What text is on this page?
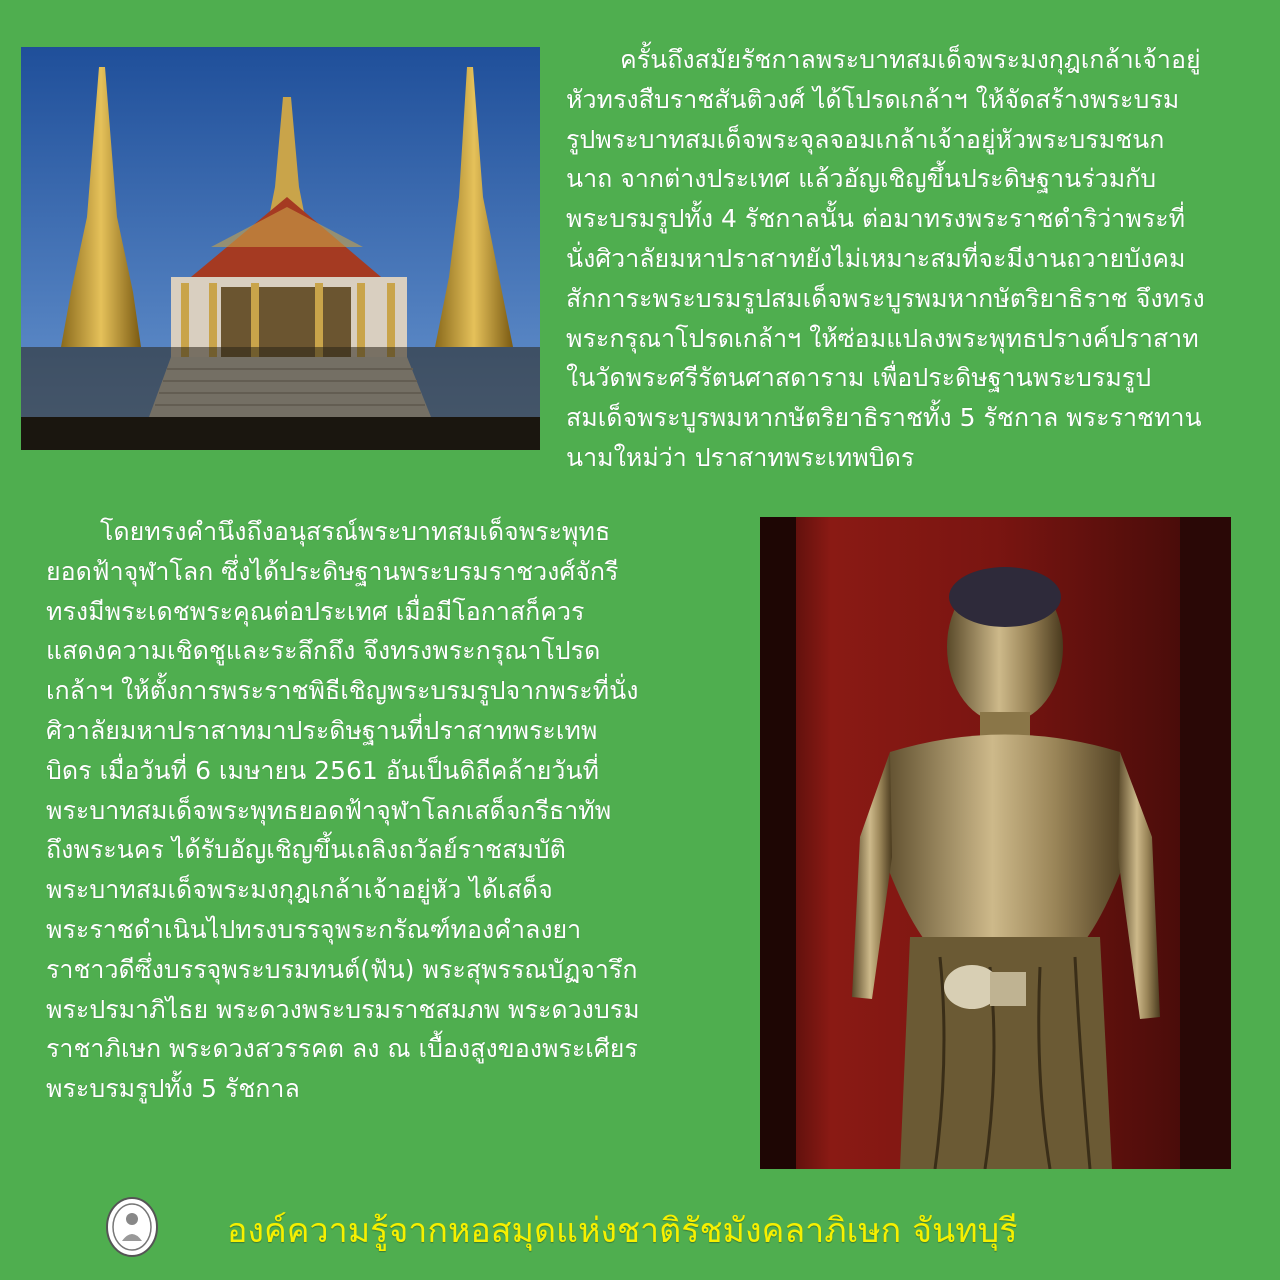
ครั้นถึงสมัยรัชกาลพระบาทสมเด็จพระมงกุฎเกล้าเจ้าอยู่
หัวทรงสืบราชสันติวงศ์ ได้โปรดเกล้าฯ ให้จัดสร้างพระบรม
รูปพระบาทสมเด็จพระจุลจอมเกล้าเจ้าอยู่หัวพระบรมชนก
นาถ จากต่างประเทศ แล้วอัญเชิญขึ้นประดิษฐานร่วมกับ
พระบรมรูปทั้ง 4 รัชกาลนั้น ต่อมาทรงพระราชดำริว่าพระที่
นั่งศิวาลัยมหาปราสาทยังไม่เหมาะสมที่จะมีงานถวายบังคม
สักการะพระบรมรูปสมเด็จพระบูรพมหากษัตริยาธิราช จึงทรง
พระกรุณาโปรดเกล้าฯ ให้ซ่อมแปลงพระพุทธปรางค์ปราสาท
ในวัดพระศรีรัตนศาสดาราม เพื่อประดิษฐานพระบรมรูป
สมเด็จพระบูรพมหากษัตริยาธิราชทั้ง 5 รัชกาล พระราชทาน
นามใหม่ว่า ปราสาทพระเทพบิดร
โดยทรงคำนึงถึงอนุสรณ์พระบาทสมเด็จพระพุทธ
ยอดฟ้าจุฬาโลก ซึ่งได้ประดิษฐานพระบรมราชวงศ์จักรี
ทรงมีพระเดชพระคุณต่อประเทศ เมื่อมีโอกาสก็ควร
แสดงความเชิดชูและระลึกถึง จึงทรงพระกรุณาโปรด
เกล้าฯ ให้ตั้งการพระราชพิธีเชิญพระบรมรูปจากพระที่นั่ง
ศิวาลัยมหาปราสาทมาประดิษฐานที่ปราสาทพระเทพ
บิดร เมื่อวันที่ 6 เมษายน 2561 อันเป็นดิถีคล้ายวันที่
พระบาทสมเด็จพระพุทธยอดฟ้าจุฬาโลกเสด็จกรีธาทัพ
ถึงพระนคร ได้รับอัญเชิญขึ้นเถลิงถวัลย์ราชสมบัติ
พระบาทสมเด็จพระมงกุฎเกล้าเจ้าอยู่หัว ได้เสด็จ
พระราชดำเนินไปทรงบรรจุพระกรัณฑ์ทองคำลงยา
ราชาวดีซึ่งบรรจุพระบรมทนต์(ฟัน) พระสุพรรณบัฏจารึก
พระปรมาภิไธย พระดวงพระบรมราชสมภพ พระดวงบรม
ราชาภิเษก พระดวงสวรรคต ลง ณ เบื้องสูงของพระเศียร
พระบรมรูปทั้ง 5 รัชกาล
องค์ความรู้จากหอสมุดแห่งชาติรัชมังคลาภิเษก จันทบุรี
